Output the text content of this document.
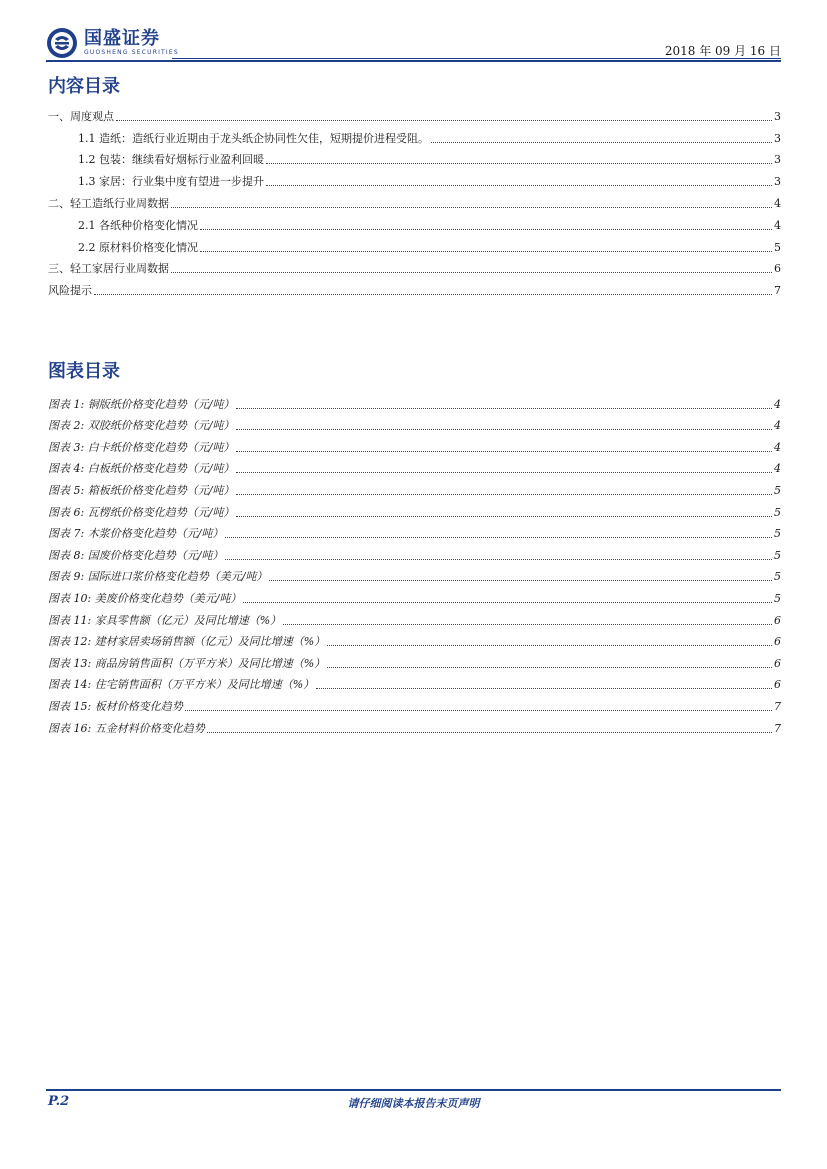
国盛证券
GUOSHENG SECURITIES	2018 年 09 月 16 日
内容目录
一、周度观点	3
1.1 造纸：造纸行业近期由于龙头纸企协同性欠佳，短期提价进程受阻。	3
1.2 包装：继续看好烟标行业盈利回暖	3
1.3 家居：行业集中度有望进一步提升	3
二、轻工造纸行业周数据	4
2.1 各纸种价格变化情况	4
2.2 原材料价格变化情况	5
三、轻工家居行业周数据	6
风险提示	7
图表目录
图表 1: 铜版纸价格变化趋势（元/吨）	4
图表 2: 双胶纸价格变化趋势（元/吨）	4
图表 3: 白卡纸价格变化趋势（元/吨）	4
图表 4: 白板纸价格变化趋势（元/吨）	4
图表 5: 箱板纸价格变化趋势（元/吨）	5
图表 6: 瓦楞纸价格变化趋势（元/吨）	5
图表 7: 木浆价格变化趋势（元/吨）	5
图表 8: 国废价格变化趋势（元/吨）	5
图表 9: 国际进口浆价格变化趋势（美元/吨）	5
图表 10: 美废价格变化趋势（美元/吨）	5
图表 11: 家具零售额（亿元）及同比增速（%）	6
图表 12: 建材家居卖场销售额（亿元）及同比增速（%）	6
图表 13: 商品房销售面积（万平方米）及同比增速（%）	6
图表 14: 住宅销售面积（万平方米）及同比增速（%）	6
图表 15: 板材价格变化趋势	7
图表 16: 五金材料价格变化趋势	7
P.2	请仔细阅读本报告末页声明
